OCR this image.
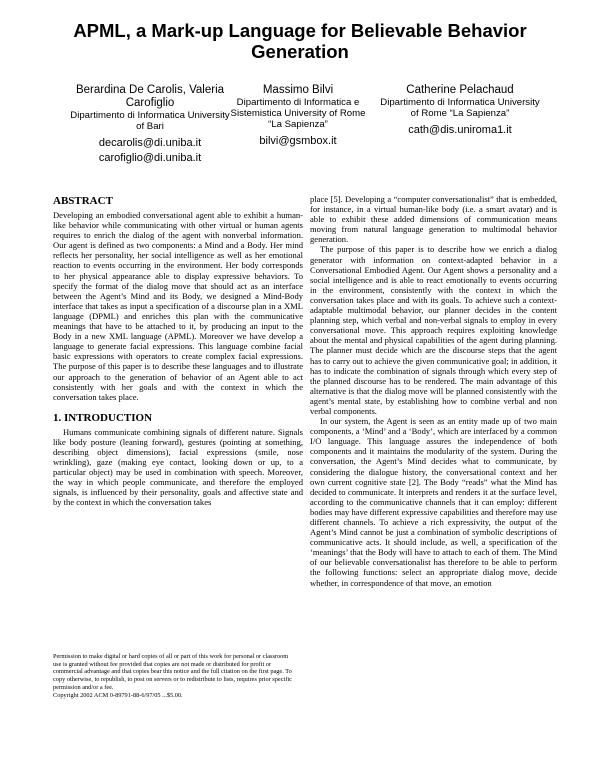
APML, a Mark-up Language for Believable Behavior Generation
Berardina De Carolis, Valeria Carofiglio
Dipartimento di Informatica University of Bari
decarolis@di.uniba.it
carofiglio@di.uniba.it
Massimo Bilvi
Dipartimento di Informatica e Sistemistica University of Rome “La Sapienza”
bilvi@gsmbox.it
Catherine Pelachaud
Dipartimento di Informatica University of Rome “La Sapienza”
cath@dis.uniroma1.it
ABSTRACT

Developing an embodied conversational agent able to exhibit a human-like behavior while communicating with other virtual or human agents requires to enrich the dialog of the agent with nonverbal information. Our agent is defined as two components: a Mind and a Body. Her mind reflects her personality, her social intelligence as well as her emotional reaction to events occurring in the environment. Her body corresponds to her physical appearance able to display expressive behaviors. To specify the format of the dialog move that should act as an interface between the Agent’s Mind and its Body, we designed a Mind-Body interface that takes as input a specification of a discourse plan in a XML language (DPML) and enriches this plan with the communicative meanings that have to be attached to it, by producing an input to the Body in a new XML language (APML). Moreover we have develop a language to generate facial expressions. This language combine facial basic expressions with operators to create complex facial expressions. The purpose of this paper is to describe these languages and to illustrate our approach to the generation of behavior of an Agent able to act consistently with her goals and with the context in which the conversation takes place.

1. INTRODUCTION

Humans communicate combining signals of different nature. Signals like body posture (leaning forward), gestures (pointing at something, describing object dimensions), facial expressions (smile, nose wrinkling), gaze (making eye contact, looking down or up, to a particular object) may be used in combination with speech. Moreover, the way in which people communicate, and therefore the employed signals, is influenced by their personality, goals and affective state and by the context in which the conversation takes

Permission to make digital or hard copies of all or part of this work for personal or classroom use is granted without fee provided that copies are not made or distributed for profit or commercial advantage and that copies bear this notice and the full citation on the first page. To copy otherwise, to republish, to post on servers or to redistribute to lists, requires prior specific permission and/or a fee.

Copyright 2002 ACM 0-89791-88-6/97/05 ...$5.00.

place [5]. Developing a “computer conversationalist” that is embedded, for instance, in a virtual human-like body (i.e. a smart avatar) and is able to exhibit these added dimensions of communication means moving from natural language generation to multimodal behavior generation.

The purpose of this paper is to describe how we enrich a dialog generator with information on context-adapted behavior in a Conversational Embodied Agent. Our Agent shows a personality and a social intelligence and is able to react emotionally to events occurring in the environment, consistently with the context in which the conversation takes place and with its goals. To achieve such a context-adaptable multimodal behavior, our planner decides in the content planning step, which verbal and non-verbal signals to employ in every conversational move. This approach requires exploiting knowledge about the mental and physical capabilities of the agent during planning. The planner must decide which are the discourse steps that the agent has to carry out to achieve the given communicative goal; in addition, it has to indicate the combination of signals through which every step of the planned discourse has to be rendered. The main advantage of this alternative is that the dialog move will be planned consistently with the agent’s mental state, by establishing how to combine verbal and non verbal components.

In our system, the Agent is seen as an entity made up of two main components, a ‘Mind’ and a ‘Body’, which are interfaced by a common I/O language. This language assures the independence of both components and it maintains the modularity of the system. During the conversation, the Agent’s Mind decides what to communicate, by considering the dialogue history, the conversational context and her own current cognitive state [2]. The Body “reads” what the Mind has decided to communicate. It interprets and renders it at the surface level, according to the communicative channels that it can employ: different bodies may have different expressive capabilities and therefore may use different channels. To achieve a rich expressivity, the output of the Agent’s Mind cannot be just a combination of symbolic descriptions of communicative acts. It should include, as well, a specification of the ‘meanings’ that the Body will have to attach to each of them. The Mind of our believable conversationalist has therefore to be able to perform the following functions: select an appropriate dialog move, decide whether, in correspondence of that move, an emotion
